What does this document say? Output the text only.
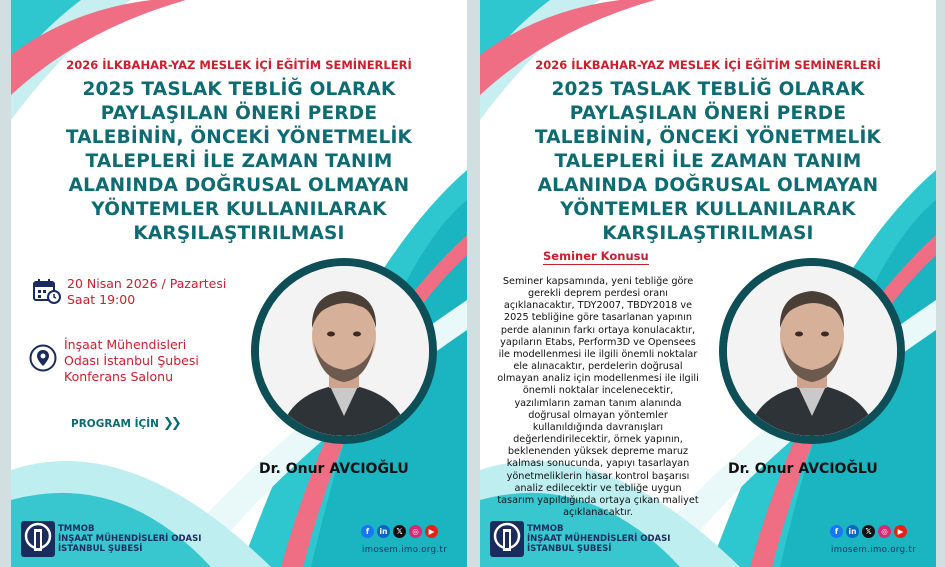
2026 İLKBAHAR-YAZ MESLEK İÇİ EĞİTİM SEMİNERLERİ
2025 TASLAK TEBLİĞ OLARAK
PAYLAŞILAN ÖNERİ PERDE
TALEBİNİN, ÖNCEKİ YÖNETMELİK
TALEPLERİ İLE ZAMAN TANIM
ALANINDA DOĞRUSAL OLMAYAN
YÖNTEMLER KULLANILARAK
KARŞILAŞTIRILMASI
20 Nisan 2026 / Pazartesi
Saat 19:00
İnşaat Mühendisleri
Odası İstanbul Şubesi
Konferans Salonu
PROGRAM İÇİN ❯❯
Dr. Onur AVCIOĞLU
TMMOB
İNŞAAT MÜHENDİSLERİ ODASI
İSTANBUL ŞUBESİ
f	in	𝕏	◎	▶
imosem.imo.org.tr
2026 İLKBAHAR-YAZ MESLEK İÇİ EĞİTİM SEMİNERLERİ
2025 TASLAK TEBLİĞ OLARAK
PAYLAŞILAN ÖNERİ PERDE
TALEBİNİN, ÖNCEKİ YÖNETMELİK
TALEPLERİ İLE ZAMAN TANIM
ALANINDA DOĞRUSAL OLMAYAN
YÖNTEMLER KULLANILARAK
KARŞILAŞTIRILMASI
Seminer Konusu

Seminer kapsamında, yeni tebliğe göre
gerekli deprem perdesi oranı
açıklanacaktır, TDY2007, TBDY2018 ve
2025 tebliğine göre tasarlanan yapının
perde alanının farkı ortaya konulacaktır,
yapıların Etabs, Perform3D ve Opensees
ile modellenmesi ile ilgili önemli noktalar
ele alınacaktır, perdelerin doğrusal
olmayan analiz için modellenmesi ile ilgili
önemli noktalar incelenecektir,
yazılımların zaman tanım alanında
doğrusal olmayan yöntemler
kullanıldığında davranışları
değerlendirilecektir, örnek yapının,
beklenenden yüksek depreme maruz
kalması sonucunda, yapıyı tasarlayan
yönetmeliklerin hasar kontrol başarısı
analiz edilecektir ve tebliğe uygun
tasarım yapıldığında ortaya çıkan maliyet
açıklanacaktır.

Dr. Onur AVCIOĞLU
TMMOB
İNŞAAT MÜHENDİSLERİ ODASI
İSTANBUL ŞUBESİ
f	in	𝕏	◎	▶
imosem.imo.org.tr
